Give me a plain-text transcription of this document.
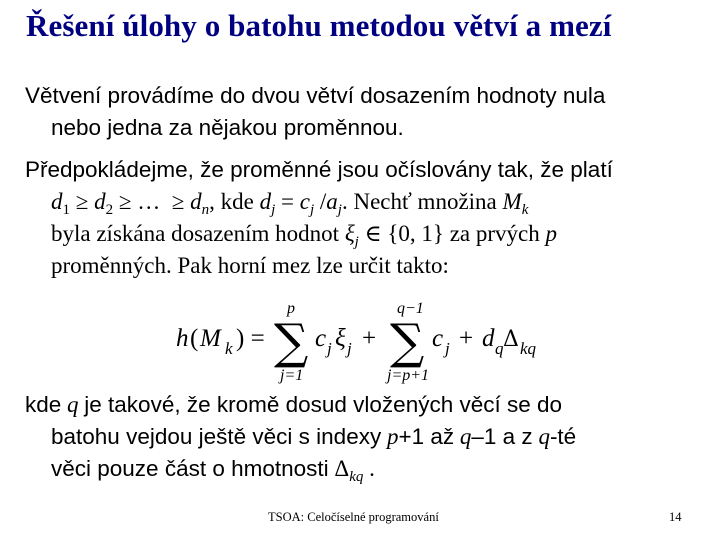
Řešení úlohy o batohu metodou větví a mezí
Větvení provádíme do dvou větví dosazením hodnoty nula
nebo jedna za nějakou proměnnou.
Předpokládejme, že proměnné jsou očíslovány tak, že platí
$d_1 \ge d_2$ ≥ … ≥ $d_n$, kde $d_j = c_j$ $/a_j$. Nechť množina $M_k$
byla získána dosazením hodnot $\xi_j$ ∈ {0, 1} za prvých p
proměnných. Pak horní mez lze určit takto:
h ( M k ) =
p
j=1
∑ c j ξ j +
q−1
j=p+1
∑ c j + d q Δ kq
kde q je takové, že kromě dosud vložených věcí se do
batohu vejdou ještě věci s indexy p+1 až q–1 a z q-té
věci pouze část o hmotnosti $\Delta_{kq}$ .
TSOA: Celočíselné programování	14
